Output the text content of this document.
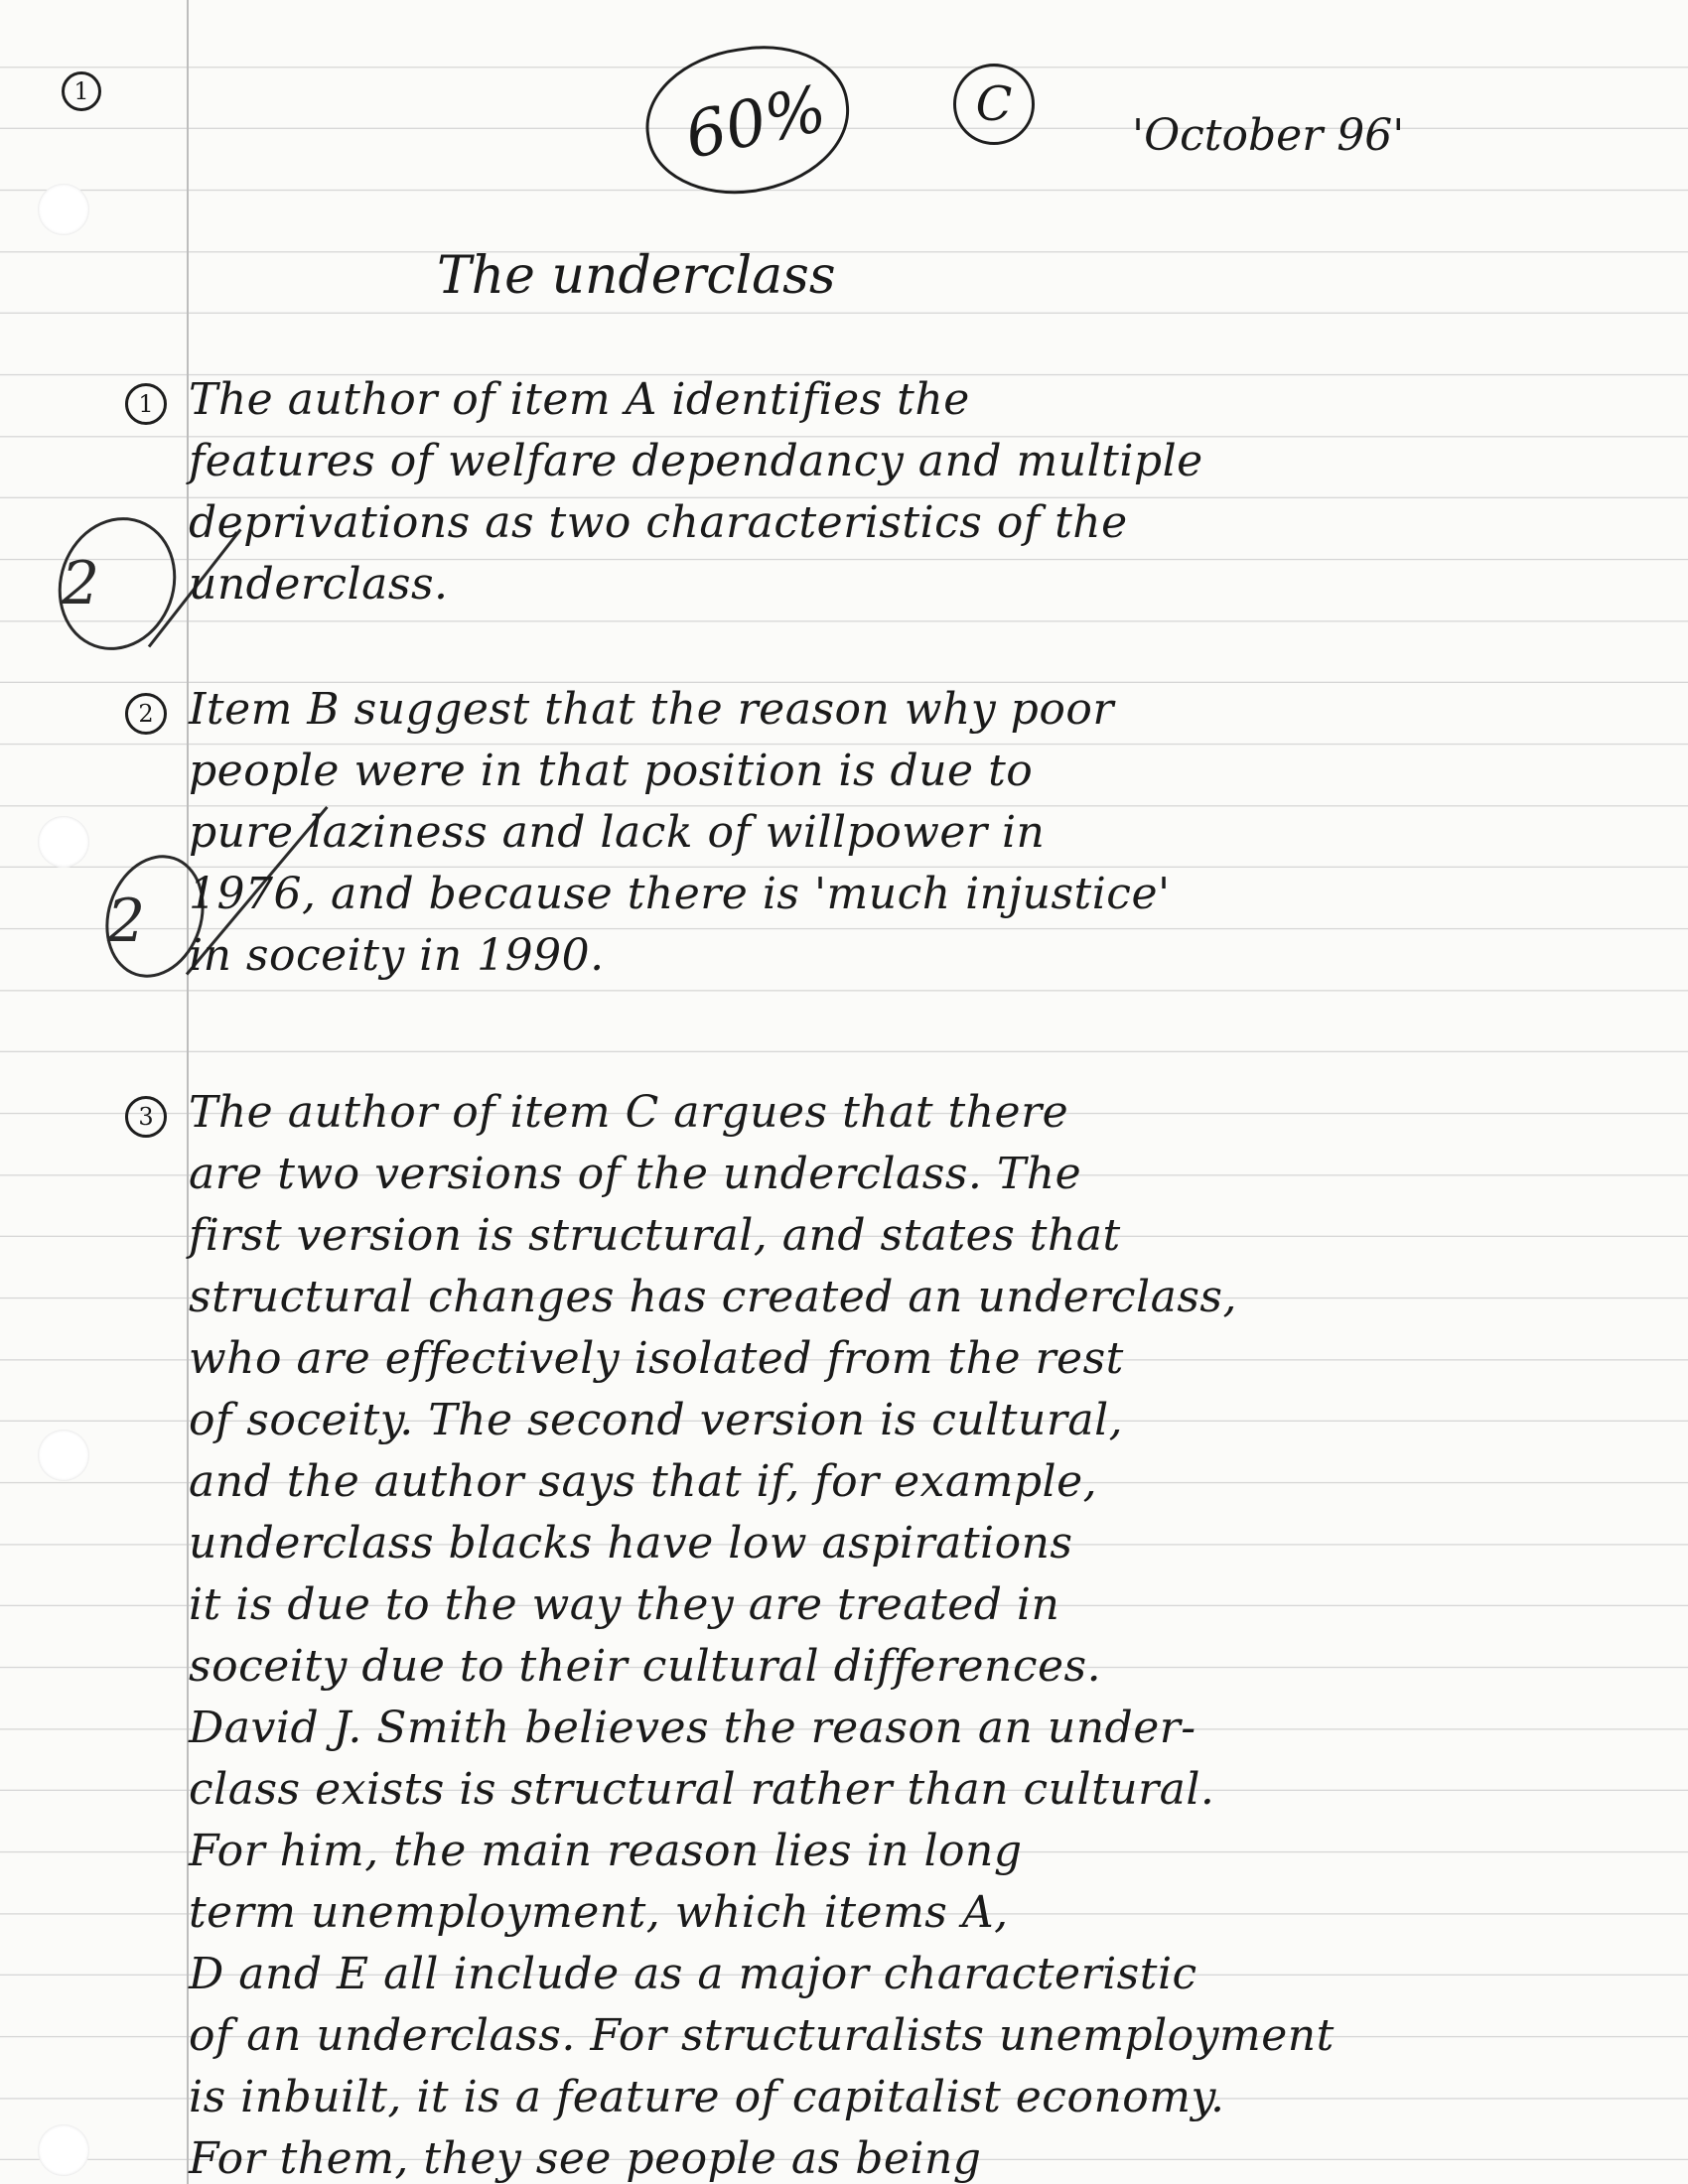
1	60%	C
'October 96'
The underclass
2
2
1 The author of item A identifies the
features of welfare dependancy and multiple
deprivations as two characteristics of the
underclass.
2 Item B suggest that the reason why poor
people were in that position is due to
pure laziness and lack of willpower in
1976, and because there is 'much injustice'
in soceity in 1990.
3 The author of item C argues that there
are two versions of the underclass. The
first version is structural, and states that
structural changes has created an underclass,
who are effectively isolated from the rest
of soceity. The second version is cultural,
and the author says that if, for example,
underclass blacks have low aspirations
it is due to the way they are treated in
soceity due to their cultural differences.
David J. Smith believes the reason an under-
class exists is structural rather than cultural.
For him, the main reason lies in long
term unemployment, which items A,
D and E all include as a major characteristic
of an underclass. For structuralists unemployment
is inbuilt, it is a feature of capitalist economy.
For them, they see people as being
